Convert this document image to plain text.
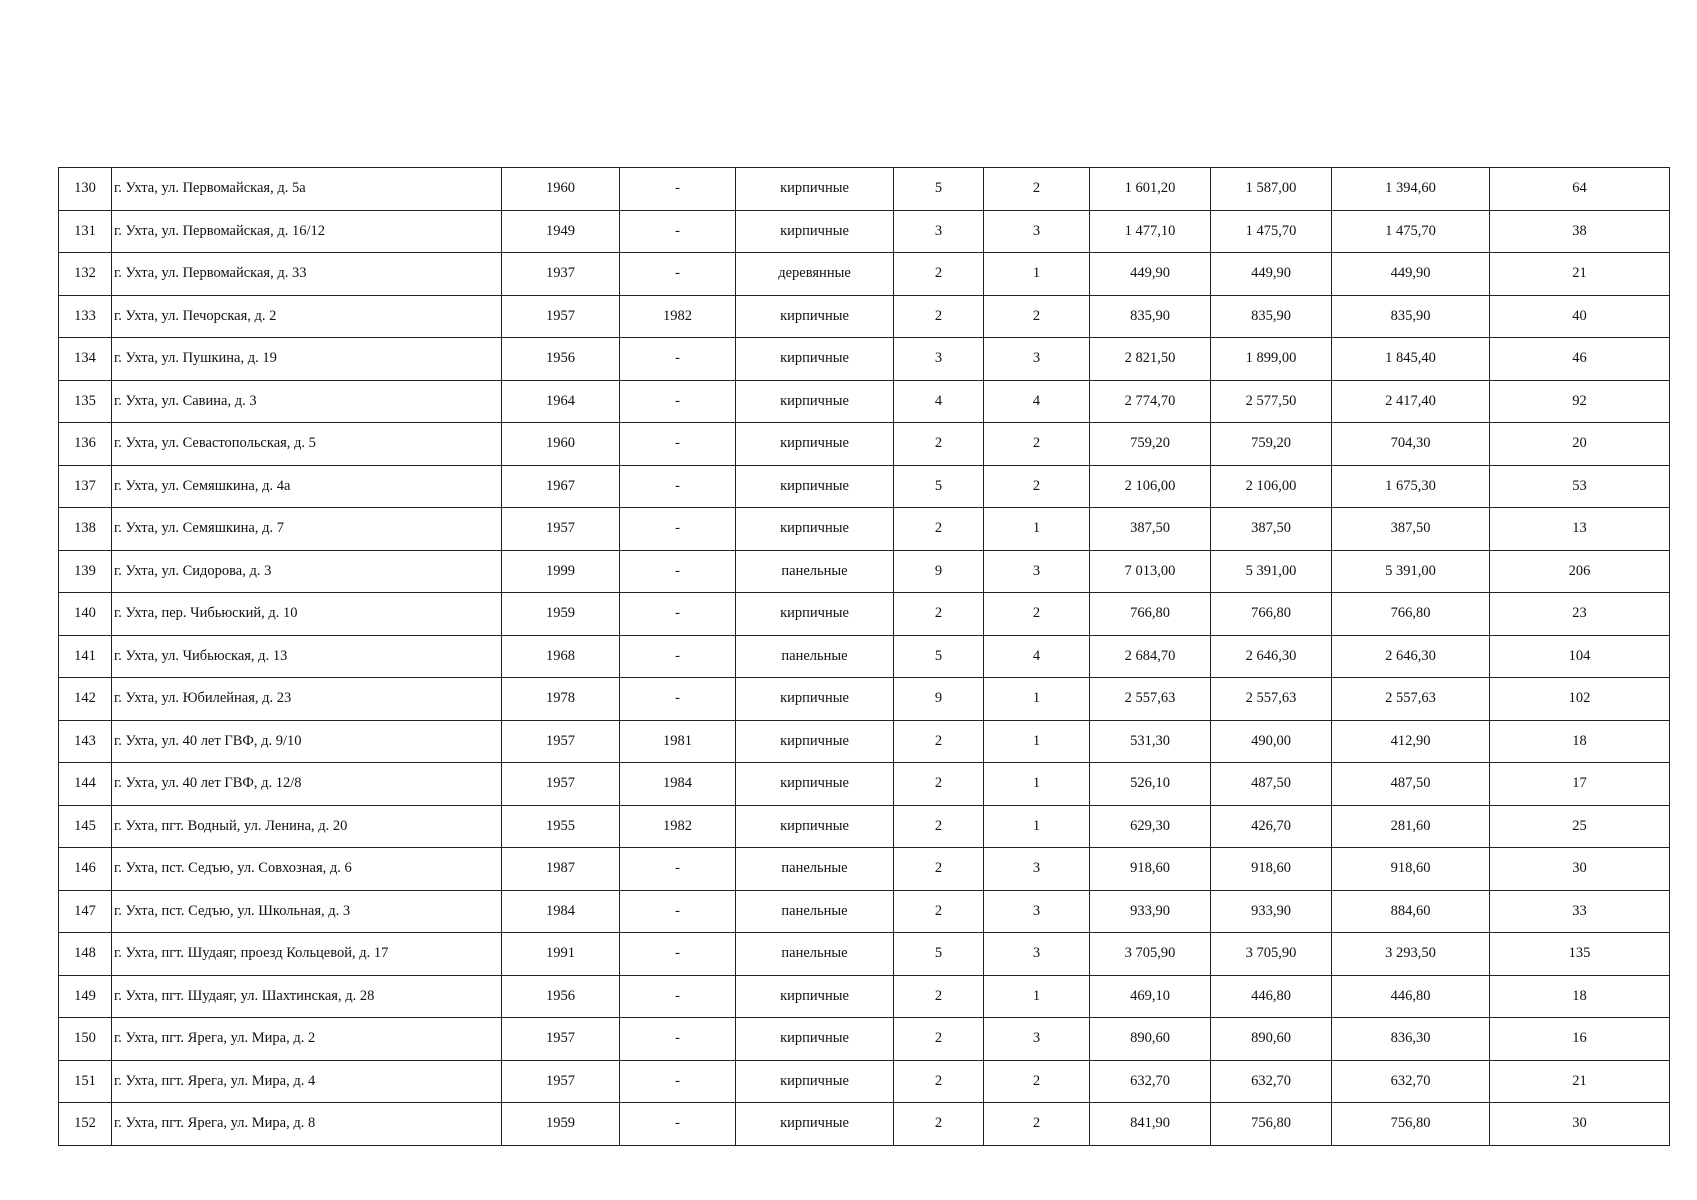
130	г. Ухта, ул. Первомайская, д. 5а	1960	-	кирпичные	5	2	1 601,20	1 587,00	1 394,60	64
131	г. Ухта, ул. Первомайская, д. 16/12	1949	-	кирпичные	3	3	1 477,10	1 475,70	1 475,70	38
132	г. Ухта, ул. Первомайская, д. 33	1937	-	деревянные	2	1	449,90	449,90	449,90	21
133	г. Ухта, ул. Печорская, д. 2	1957	1982	кирпичные	2	2	835,90	835,90	835,90	40
134	г. Ухта, ул. Пушкина, д. 19	1956	-	кирпичные	3	3	2 821,50	1 899,00	1 845,40	46
135	г. Ухта, ул. Савина, д. 3	1964	-	кирпичные	4	4	2 774,70	2 577,50	2 417,40	92
136	г. Ухта, ул. Севастопольская, д. 5	1960	-	кирпичные	2	2	759,20	759,20	704,30	20
137	г. Ухта, ул. Семяшкина, д. 4а	1967	-	кирпичные	5	2	2 106,00	2 106,00	1 675,30	53
138	г. Ухта, ул. Семяшкина, д. 7	1957	-	кирпичные	2	1	387,50	387,50	387,50	13
139	г. Ухта, ул. Сидорова, д. 3	1999	-	панельные	9	3	7 013,00	5 391,00	5 391,00	206
140	г. Ухта, пер. Чибьюский, д. 10	1959	-	кирпичные	2	2	766,80	766,80	766,80	23
141	г. Ухта, ул. Чибьюская, д. 13	1968	-	панельные	5	4	2 684,70	2 646,30	2 646,30	104
142	г. Ухта, ул. Юбилейная, д. 23	1978	-	кирпичные	9	1	2 557,63	2 557,63	2 557,63	102
143	г. Ухта, ул. 40 лет ГВФ, д. 9/10	1957	1981	кирпичные	2	1	531,30	490,00	412,90	18
144	г. Ухта, ул. 40 лет ГВФ, д. 12/8	1957	1984	кирпичные	2	1	526,10	487,50	487,50	17
145	г. Ухта, пгт. Водный, ул. Ленина, д. 20	1955	1982	кирпичные	2	1	629,30	426,70	281,60	25
146	г. Ухта, пст. Седъю, ул. Совхозная, д. 6	1987	-	панельные	2	3	918,60	918,60	918,60	30
147	г. Ухта, пст. Седъю, ул. Школьная, д. 3	1984	-	панельные	2	3	933,90	933,90	884,60	33
148	г. Ухта, пгт. Шудаяг, проезд Кольцевой, д. 17	1991	-	панельные	5	3	3 705,90	3 705,90	3 293,50	135
149	г. Ухта, пгт. Шудаяг, ул. Шахтинская, д. 28	1956	-	кирпичные	2	1	469,10	446,80	446,80	18
150	г. Ухта, пгт. Ярега, ул. Мира, д. 2	1957	-	кирпичные	2	3	890,60	890,60	836,30	16
151	г. Ухта, пгт. Ярега, ул. Мира, д. 4	1957	-	кирпичные	2	2	632,70	632,70	632,70	21
152	г. Ухта, пгт. Ярега, ул. Мира, д. 8	1959	-	кирпичные	2	2	841,90	756,80	756,80	30
